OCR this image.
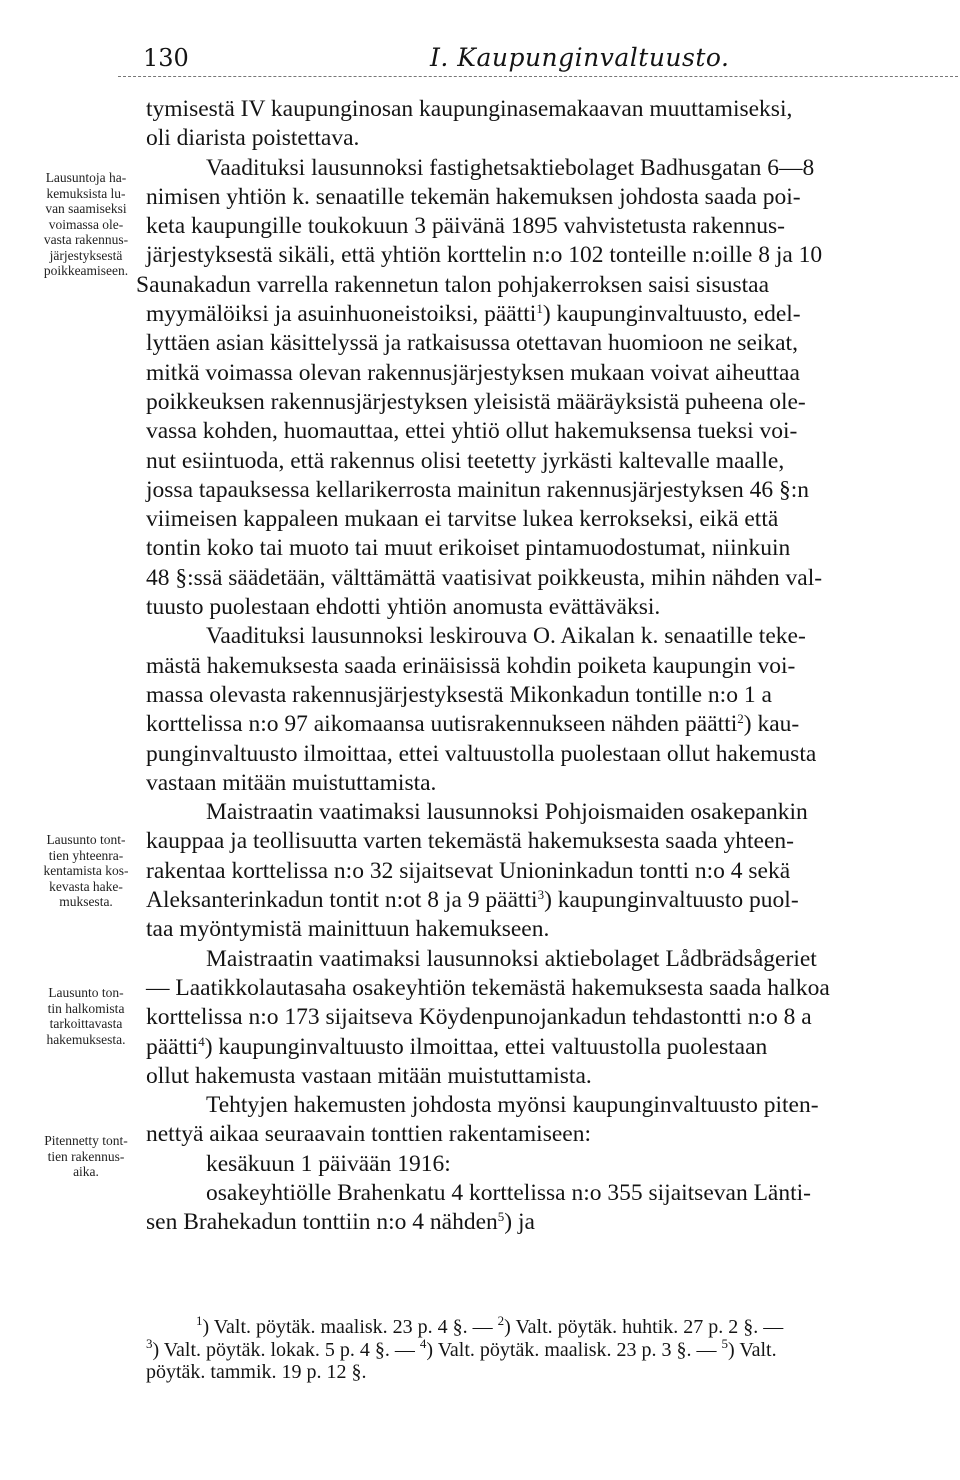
130	I. Kaupunginvaltuusto.
Lausuntoja ha-
kemuksista lu-
van saamiseksi
voimassa ole-
vasta rakennus-
järjestyksestä
poikkeamiseen.
Lausunto tont-
tien yhteenra-
kentamista kos-
kevasta hake-
muksesta.
Lausunto ton-
tin halkomista
tarkoittavasta
hakemuksesta.
Pitennetty tont-
tien rakennus-
aika.
tymisestä IV kaupunginosan kaupunginasemakaavan muuttamiseksi,
oli diarista poistettava.
Vaadituksi lausunnoksi fastighetsaktiebolaget Badhusgatan 6—8
nimisen yhtiön k. senaatille tekemän hakemuksen johdosta saada poi-
keta kaupungille toukokuun 3 päivänä 1895 vahvistetusta rakennus-
järjestyksestä sikäli, että yhtiön korttelin n:o 102 tonteille n:oille 8 ja 10
Saunakadun varrella rakennetun talon pohjakerroksen saisi sisustaa
myymälöiksi ja asuinhuoneistoiksi, päätti$^1$) kaupunginvaltuusto, edel-
lyttäen asian käsittelyssä ja ratkaisussa otettavan huomioon ne seikat,
mitkä voimassa olevan rakennusjärjestyksen mukaan voivat aiheuttaa
poikkeuksen rakennusjärjestyksen yleisistä määräyksistä puheena ole-
vassa kohden, huomauttaa, ettei yhtiö ollut hakemuksensa tueksi voi-
nut esiintuoda, että rakennus olisi teetetty jyrkästi kaltevalle maalle,
jossa tapauksessa kellarikerrosta mainitun rakennusjärjestyksen 46 §:n
viimeisen kappaleen mukaan ei tarvitse lukea kerrokseksi, eikä että
tontin koko tai muoto tai muut erikoiset pintamuodostumat, niinkuin
48 §:ssä säädetään, välttämättä vaatisivat poikkeusta, mihin nähden val-
tuusto puolestaan ehdotti yhtiön anomusta evättäväksi.
Vaadituksi lausunnoksi leskirouva O. Aikalan k. senaatille teke-
mästä hakemuksesta saada erinäisissä kohdin poiketa kaupungin voi-
massa olevasta rakennusjärjestyksestä Mikonkadun tontille n:o 1 a
korttelissa n:o 97 aikomaansa uutisrakennukseen nähden päätti$^2$) kau-
punginvaltuusto ilmoittaa, ettei valtuustolla puolestaan ollut hakemusta
vastaan mitään muistuttamista.
Maistraatin vaatimaksi lausunnoksi Pohjoismaiden osakepankin
kauppaa ja teollisuutta varten tekemästä hakemuksesta saada yhteen-
rakentaa korttelissa n:o 32 sijaitsevat Unioninkadun tontti n:o 4 sekä
Aleksanterinkadun tontit n:ot 8 ja 9 päätti$^3$) kaupunginvaltuusto puol-
taa myöntymistä mainittuun hakemukseen.
Maistraatin vaatimaksi lausunnoksi aktiebolaget Lådbrädsågeriet
— Laatikkolautasaha osakeyhtiön tekemästä hakemuksesta saada halkoa
korttelissa n:o 173 sijaitseva Köydenpunojankadun tehdastontti n:o 8 a
päätti$^4$) kaupunginvaltuusto ilmoittaa, ettei valtuustolla puolestaan
ollut hakemusta vastaan mitään muistuttamista.
Tehtyjen hakemusten johdosta myönsi kaupunginvaltuusto piten-
nettyä aikaa seuraavain tonttien rakentamiseen:
kesäkuun 1 päivään 1916:
osakeyhtiölle Brahenkatu 4 korttelissa n:o 355 sijaitsevan Länti-
sen Brahekadun tonttiin n:o 4 nähden$^5$) ja
$^1$) Valt. pöytäk. maalisk. 23 p. 4 §. — $^2$) Valt. pöytäk. huhtik. 27 p. 2 §. —
$^3$) Valt. pöytäk. lokak. 5 p. 4 §. — $^4$) Valt. pöytäk. maalisk. 23 p. 3 §. — $^5$) Valt.
pöytäk. tammik. 19 p. 12 §.
